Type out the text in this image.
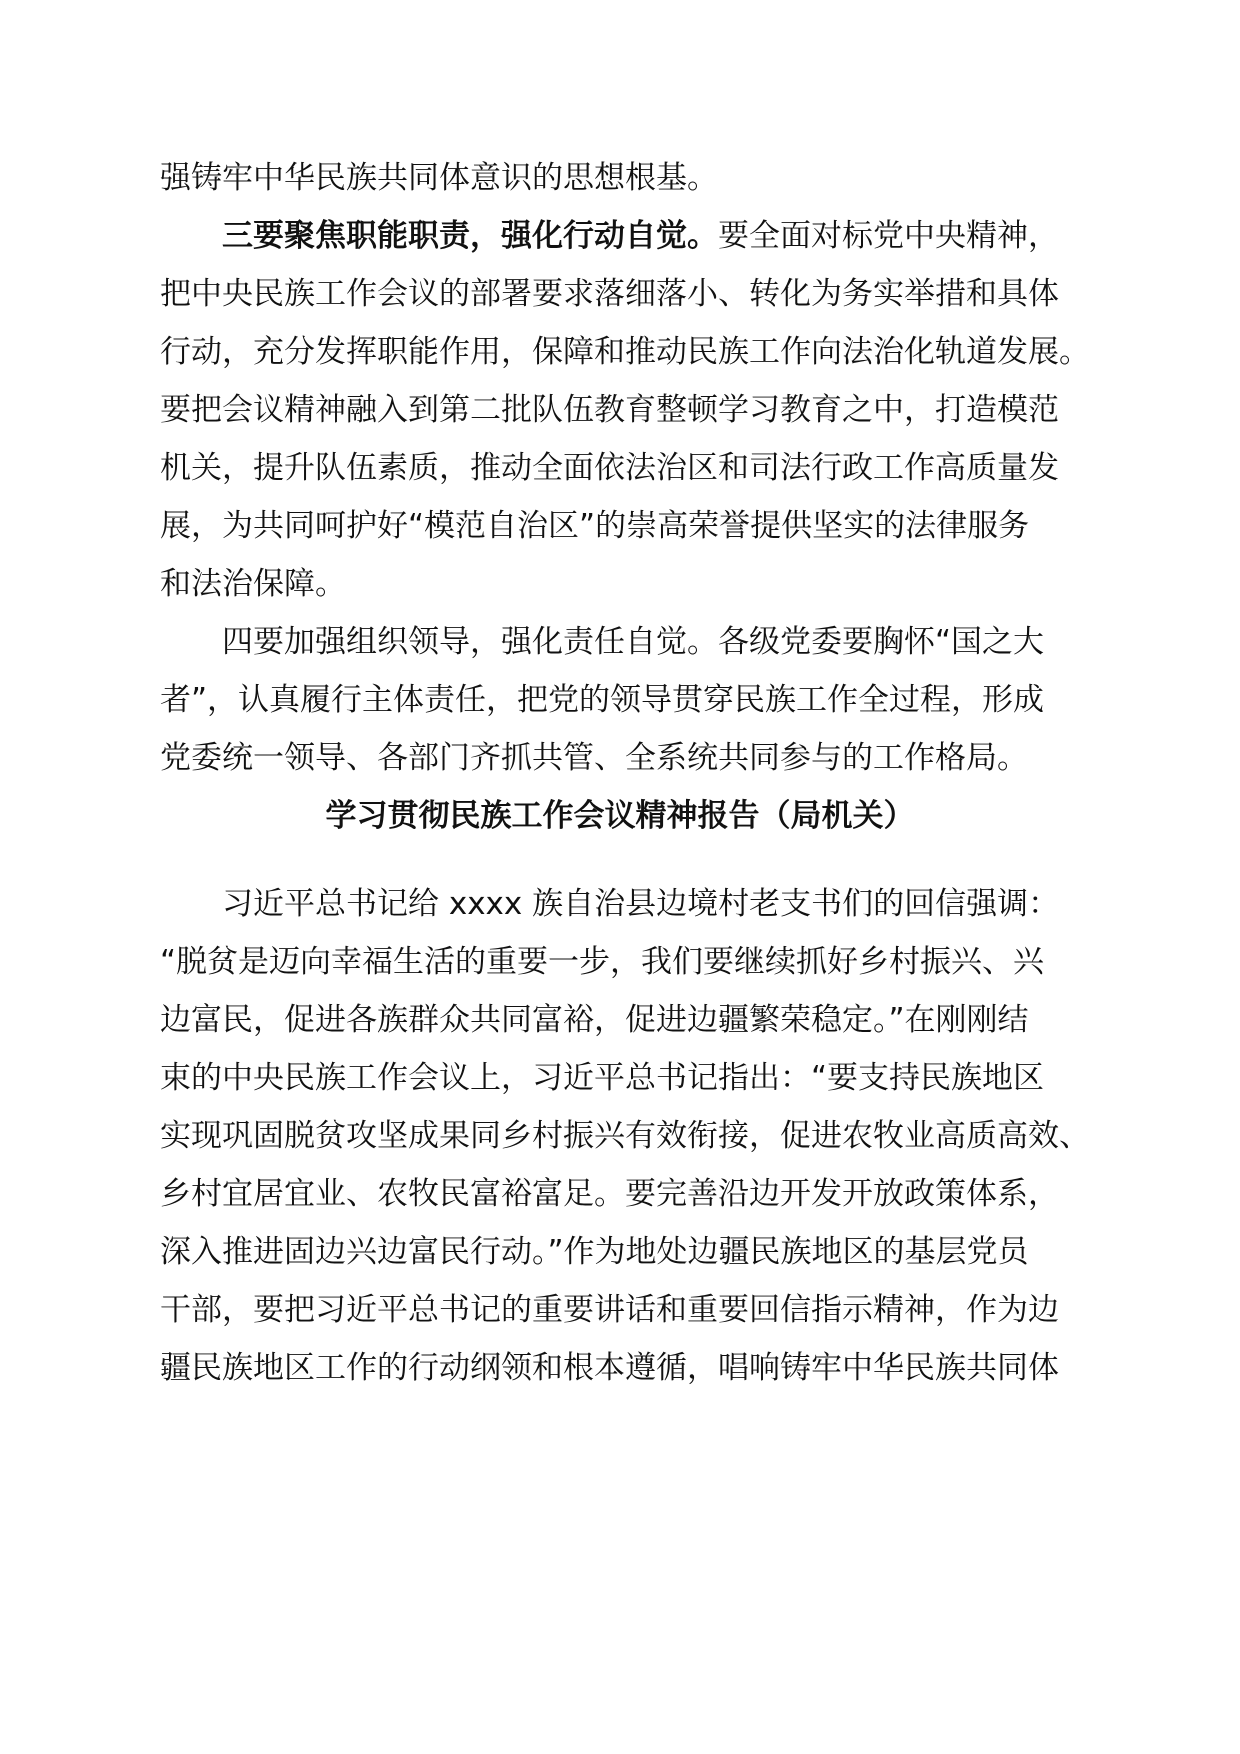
强铸牢中华民族共同体意识的思想根基。
三要聚焦职能职责，强化行动自觉。要全面对标党中央精神，
把中央民族工作会议的部署要求落细落小、转化为务实举措和具体
行动，充分发挥职能作用，保障和推动民族工作向法治化轨道发展。
要把会议精神融入到第二批队伍教育整顿学习教育之中，打造模范
机关，提升队伍素质，推动全面依法治区和司法行政工作高质量发
展，为共同呵护好“模范自治区”的崇高荣誉提供坚实的法律服务
和法治保障。
四要加强组织领导，强化责任自觉。各级党委要胸怀“国之大
者”，认真履行主体责任，把党的领导贯穿民族工作全过程，形成
党委统一领导、各部门齐抓共管、全系统共同参与的工作格局。
学习贯彻民族工作会议精神报告（局机关）
习近平总书记给 xxxx 族自治县边境村老支书们的回信强调：
“脱贫是迈向幸福生活的重要一步，我们要继续抓好乡村振兴、兴
边富民，促进各族群众共同富裕，促进边疆繁荣稳定。”在刚刚结
束的中央民族工作会议上，习近平总书记指出：“要支持民族地区
实现巩固脱贫攻坚成果同乡村振兴有效衔接，促进农牧业高质高效、
乡村宜居宜业、农牧民富裕富足。要完善沿边开发开放政策体系，
深入推进固边兴边富民行动。”作为地处边疆民族地区的基层党员
干部，要把习近平总书记的重要讲话和重要回信指示精神，作为边
疆民族地区工作的行动纲领和根本遵循，唱响铸牢中华民族共同体
